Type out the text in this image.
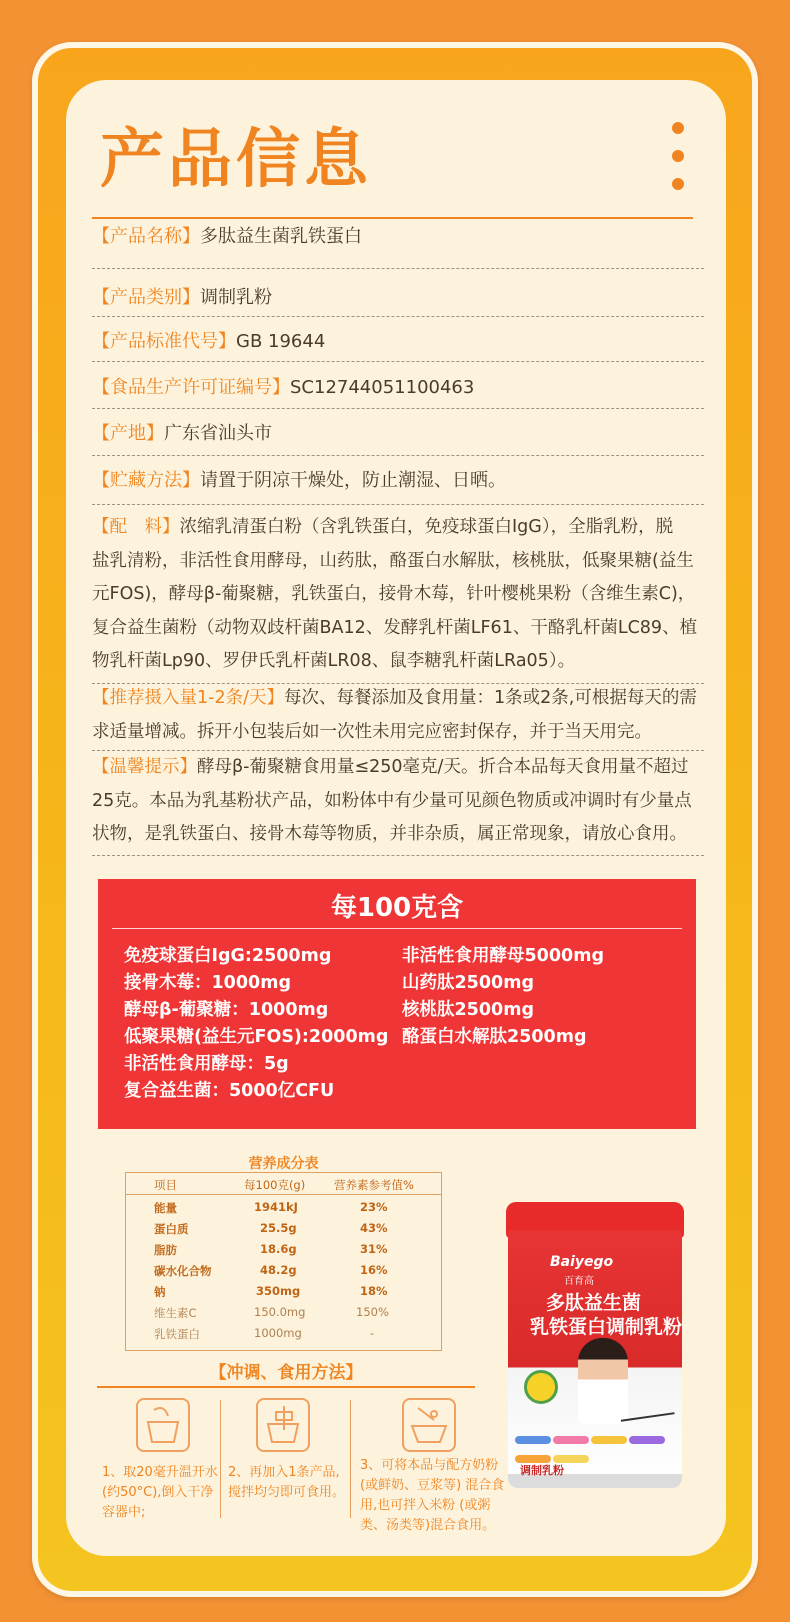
产品信息
【产品名称】多肽益生菌乳铁蛋白
【产品类别】调制乳粉
【产品标准代号】GB 19644
【食品生产许可证编号】SC12744051100463
【产地】广东省汕头市
【贮藏方法】请置于阴凉干燥处，防止潮湿、日晒。
【配　料】浓缩乳清蛋白粉（含乳铁蛋白，免疫球蛋白IgG），全脂乳粉，脱
盐乳清粉，非活性食用酵母，山药肽，酪蛋白水解肽，核桃肽，低聚果糖(益生
元FOS)，酵母β-葡聚糖，乳铁蛋白，接骨木莓，针叶樱桃果粉（含维生素C)，
复合益生菌粉（动物双歧杆菌BA12、发酵乳杆菌LF61、干酪乳杆菌LC89、植
物乳杆菌Lp90、罗伊氏乳杆菌LR08、鼠李糖乳杆菌LRa05）。
【推荐摄入量1-2条/天】每次、每餐添加及食用量：1条或2条,可根据每天的需
求适量增减。拆开小包装后如一次性未用完应密封保存，并于当天用完。
【温馨提示】酵母β-葡聚糖食用量≤250毫克/天。折合本品每天食用量不超过
25克。本品为乳基粉状产品，如粉体中有少量可见颜色物质或冲调时有少量点
状物，是乳铁蛋白、接骨木莓等物质，并非杂质，属正常现象，请放心食用。
每100克含
免疫球蛋白IgG:2500mg
接骨木莓：1000mg
酵母β-葡聚糖：1000mg
低聚果糖(益生元FOS):2000mg
非活性食用酵母：5g
复合益生菌：5000亿CFU
非活性食用酵母5000mg
山药肽2500mg
核桃肽2500mg
酪蛋白水解肽2500mg
营养成分表
项目	每100克(g)	营养素参考值%
能量	1941kJ	23%
蛋白质	25.5g	43%
脂肪	18.6g	31%
碳水化合物	48.2g	16%
钠	350mg	18%
维生素C	150.0mg	150%
乳铁蛋白	1000mg	-
【冲调、食用方法】
1、取20毫升温开水
(约50°C),倒入干净
容器中;
2、再加入1条产品,
搅拌均匀即可食用。
3、可将本品与配方奶粉
(或鲜奶、豆浆等) 混合食
用,也可拌入米粉 (或粥
类、汤类等)混合食用。
Baiyego
百育高
多肽益生菌
乳铁蛋白调制乳粉

调制乳粉
